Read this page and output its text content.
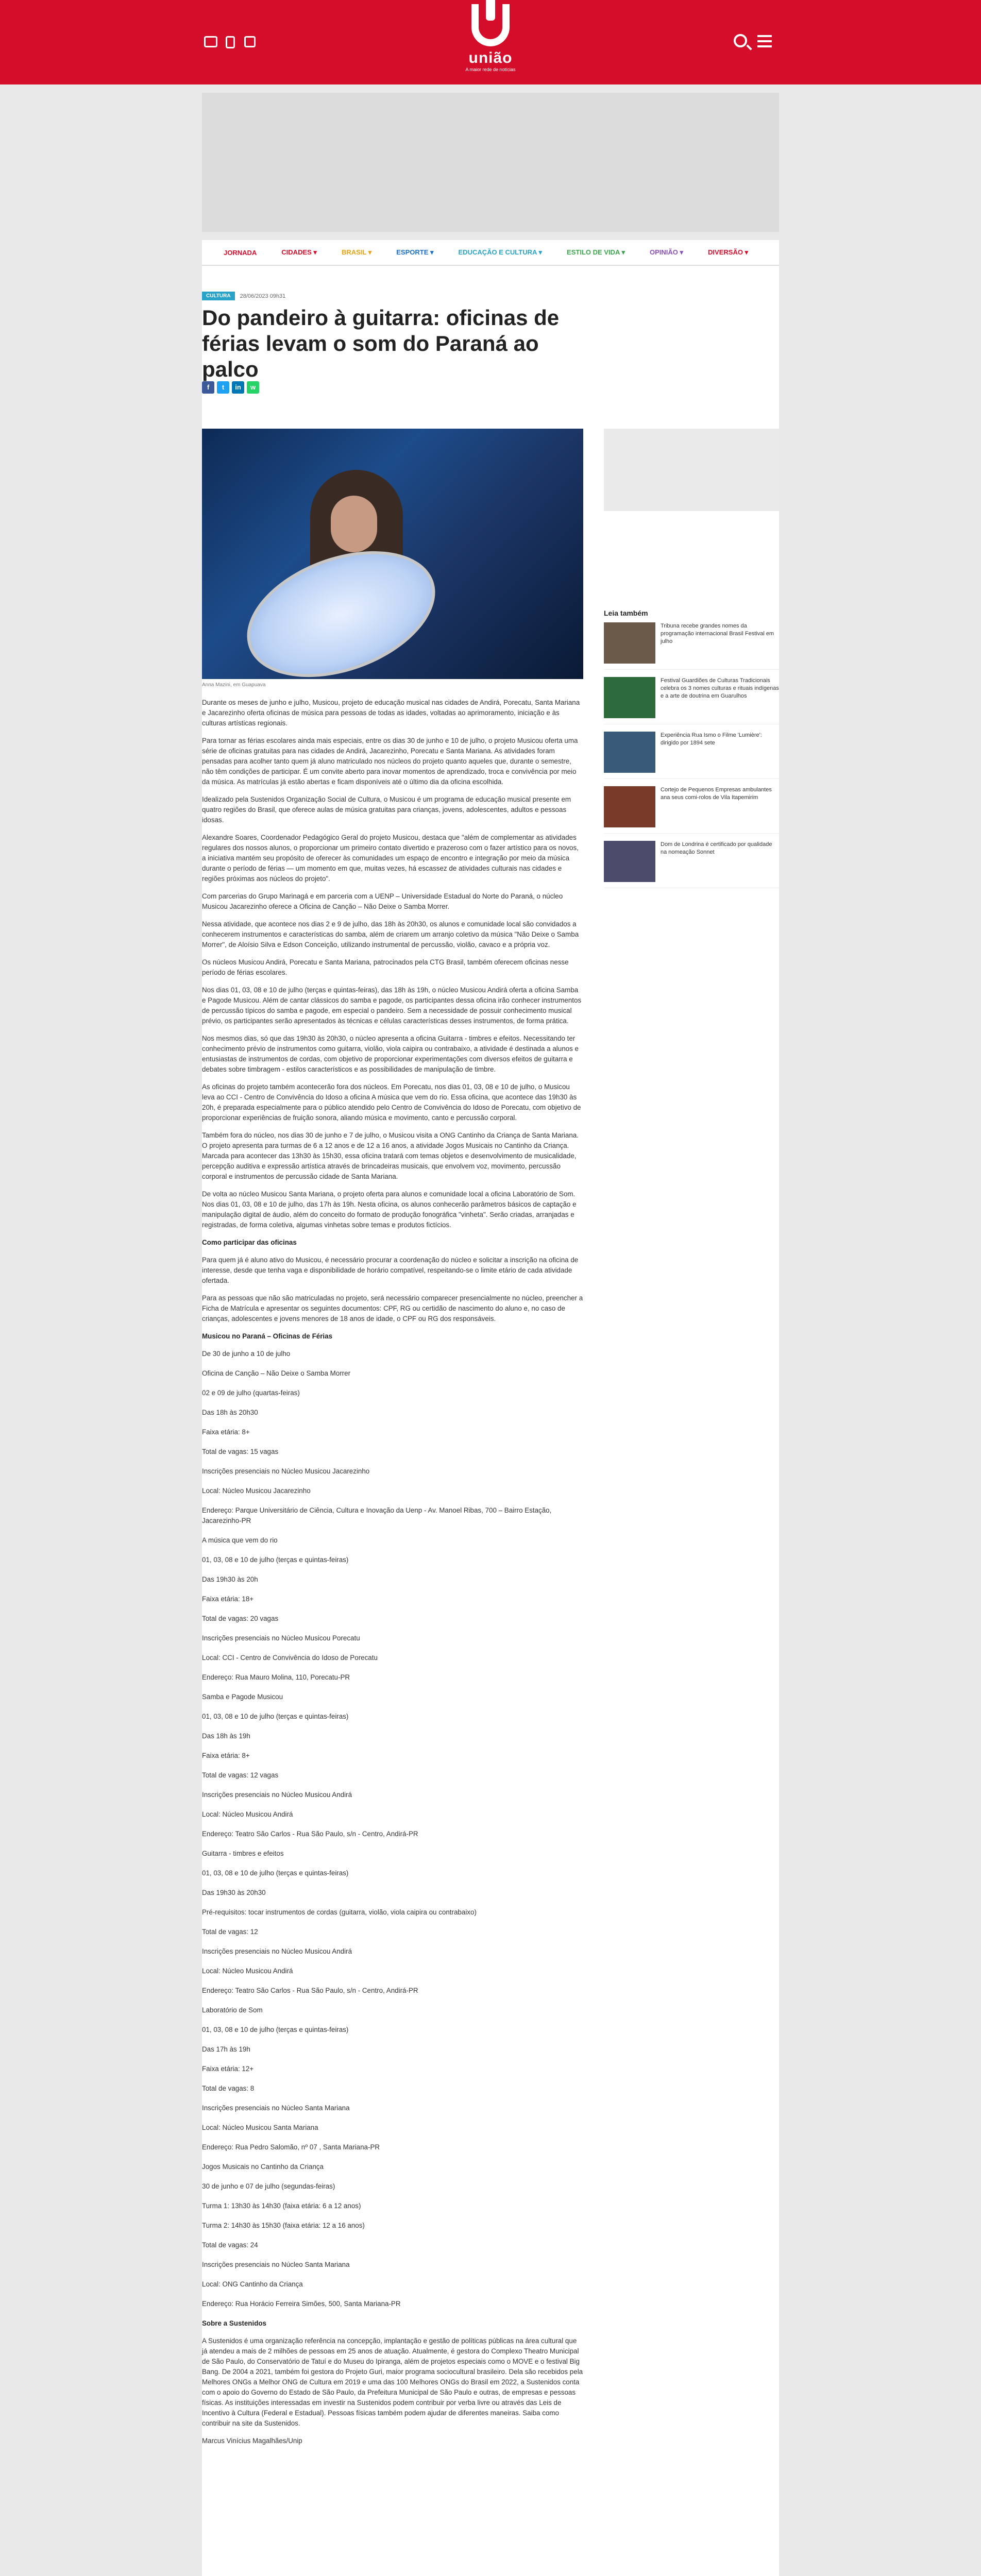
união
A maior rede de notícias
JORNADA	CIDADES ▾	BRASIL ▾	ESPORTE ▾	EDUCAÇÃO E CULTURA ▾	ESTILO DE VIDA ▾	OPINIÃO ▾	DIVERSÃO ▾
CULTURA	28/06/2023 09h31
Do pandeiro à guitarra: oficinas de férias levam o som do Paraná ao palco
f	t	in	w
Anna Mazini, em Guapuava

Durante os meses de junho e julho, Musicou, projeto de educação musical nas cidades de Andirá, Porecatu, Santa Mariana e Jacarezinho oferta oficinas de música para pessoas de todas as idades, voltadas ao aprimoramento, iniciação e às culturas artísticas regionais.

Para tornar as férias escolares ainda mais especiais, entre os dias 30 de junho e 10 de julho, o projeto Musicou oferta uma série de oficinas gratuitas para nas cidades de Andirá, Jacarezinho, Porecatu e Santa Mariana. As atividades foram pensadas para acolher tanto quem já aluno matriculado nos núcleos do projeto quanto aqueles que, durante o semestre, não têm condições de participar. É um convite aberto para inovar momentos de aprendizado, troca e convivência por meio da música. As matrículas já estão abertas e ficam disponíveis até o último dia da oficina escolhida.

Idealizado pela Sustenidos Organização Social de Cultura, o Musicou é um programa de educação musical presente em quatro regiões do Brasil, que oferece aulas de música gratuitas para crianças, jovens, adolescentes, adultos e pessoas idosas.

Alexandre Soares, Coordenador Pedagógico Geral do projeto Musicou, destaca que "além de complementar as atividades regulares dos nossos alunos, o proporcionar um primeiro contato divertido e prazeroso com o fazer artístico para os novos, a iniciativa mantém seu propósito de oferecer às comunidades um espaço de encontro e integração por meio da música durante o período de férias — um momento em que, muitas vezes, há escassez de atividades culturais nas cidades e regiões próximas aos núcleos do projeto".

Com parcerias do Grupo Marinagá e em parceria com a UENP – Universidade Estadual do Norte do Paraná, o núcleo Musicou Jacarezinho oferece a Oficina de Canção – Não Deixe o Samba Morrer.

Nessa atividade, que acontece nos dias 2 e 9 de julho, das 18h às 20h30, os alunos e comunidade local são convidados a conhecerem instrumentos e características do samba, além de criarem um arranjo coletivo da música "Não Deixe o Samba Morrer", de Aloísio Silva e Edson Conceição, utilizando instrumental de percussão, violão, cavaco e a própria voz.

Os núcleos Musicou Andirá, Porecatu e Santa Mariana, patrocinados pela CTG Brasil, também oferecem oficinas nesse período de férias escolares.

Nos dias 01, 03, 08 e 10 de julho (terças e quintas-feiras), das 18h às 19h, o núcleo Musicou Andirá oferta a oficina Samba e Pagode Musicou. Além de cantar clássicos do samba e pagode, os participantes dessa oficina irão conhecer instrumentos de percussão típicos do samba e pagode, em especial o pandeiro. Sem a necessidade de possuir conhecimento musical prévio, os participantes serão apresentados às técnicas e células características desses instrumentos, de forma prática.

Nos mesmos dias, só que das 19h30 às 20h30, o núcleo apresenta a oficina Guitarra - timbres e efeitos. Necessitando ter conhecimento prévio de instrumentos como guitarra, violão, viola caipira ou contrabaixo, a atividade é destinada a alunos e entusiastas de instrumentos de cordas, com objetivo de proporcionar experimentações com diversos efeitos de guitarra e debates sobre timbragem - estilos característicos e as possibilidades de manipulação de timbre.

As oficinas do projeto também acontecerão fora dos núcleos. Em Porecatu, nos dias 01, 03, 08 e 10 de julho, o Musicou leva ao CCI - Centro de Convivência do Idoso a oficina A música que vem do rio. Essa oficina, que acontece das 19h30 às 20h, é preparada especialmente para o público atendido pelo Centro de Convivência do Idoso de Porecatu, com objetivo de proporcionar experiências de fruição sonora, aliando música e movimento, canto e percussão corporal.

Também fora do núcleo, nos dias 30 de junho e 7 de julho, o Musicou visita a ONG Cantinho da Criança de Santa Mariana. O projeto apresenta para turmas de 6 a 12 anos e de 12 a 16 anos, a atividade Jogos Musicais no Cantinho da Criança. Marcada para acontecer das 13h30 às 15h30, essa oficina tratará com temas objetos e desenvolvimento de musicalidade, percepção auditiva e expressão artística através de brincadeiras musicais, que envolvem voz, movimento, percussão corporal e instrumentos de percussão cidade de Santa Mariana.

De volta ao núcleo Musicou Santa Mariana, o projeto oferta para alunos e comunidade local a oficina Laboratório de Som. Nos dias 01, 03, 08 e 10 de julho, das 17h às 19h. Nesta oficina, os alunos conhecerão parâmetros básicos de captação e manipulação digital de áudio, além do conceito do formato de produção fonográfica "vinheta". Serão criadas, arranjadas e registradas, de forma coletiva, algumas vinhetas sobre temas e produtos fictícios.

Como participar das oficinas

Para quem já é aluno ativo do Musicou, é necessário procurar a coordenação do núcleo e solicitar a inscrição na oficina de interesse, desde que tenha vaga e disponibilidade de horário compatível, respeitando-se o limite etário de cada atividade ofertada.

Para as pessoas que não são matriculadas no projeto, será necessário comparecer presencialmente no núcleo, preencher a Ficha de Matrícula e apresentar os seguintes documentos: CPF, RG ou certidão de nascimento do aluno e, no caso de crianças, adolescentes e jovens menores de 18 anos de idade, o CPF ou RG dos responsáveis.

Musicou no Paraná – Oficinas de Férias

De 30 de junho a 10 de julho

Oficina de Canção – Não Deixe o Samba Morrer

02 e 09 de julho (quartas-feiras)

Das 18h às 20h30

Faixa etária: 8+

Total de vagas: 15 vagas

Inscrições presenciais no Núcleo Musicou Jacarezinho

Local: Núcleo Musicou Jacarezinho

Endereço: Parque Universitário de Ciência, Cultura e Inovação da Uenp - Av. Manoel Ribas, 700 – Bairro Estação, Jacarezinho-PR

A música que vem do rio

01, 03, 08 e 10 de julho (terças e quintas-feiras)

Das 19h30 às 20h

Faixa etária: 18+

Total de vagas: 20 vagas

Inscrições presenciais no Núcleo Musicou Porecatu

Local: CCI - Centro de Convivência do Idoso de Porecatu

Endereço: Rua Mauro Molina, 110, Porecatu-PR

Samba e Pagode Musicou

01, 03, 08 e 10 de julho (terças e quintas-feiras)

Das 18h às 19h

Faixa etária: 8+

Total de vagas: 12 vagas

Inscrições presenciais no Núcleo Musicou Andirá

Local: Núcleo Musicou Andirá

Endereço: Teatro São Carlos - Rua São Paulo, s/n - Centro, Andirá-PR

Guitarra - timbres e efeitos

01, 03, 08 e 10 de julho (terças e quintas-feiras)

Das 19h30 às 20h30

Pré-requisitos: tocar instrumentos de cordas (guitarra, violão, viola caipira ou contrabaixo)

Total de vagas: 12

Inscrições presenciais no Núcleo Musicou Andirá

Local: Núcleo Musicou Andirá

Endereço: Teatro São Carlos - Rua São Paulo, s/n - Centro, Andirá-PR

Laboratório de Som

01, 03, 08 e 10 de julho (terças e quintas-feiras)

Das 17h às 19h

Faixa etária: 12+

Total de vagas: 8

Inscrições presenciais no Núcleo Santa Mariana

Local: Núcleo Musicou Santa Mariana

Endereço: Rua Pedro Salomão, nº 07 , Santa Mariana-PR

Jogos Musicais no Cantinho da Criança

30 de junho e 07 de julho (segundas-feiras)

Turma 1: 13h30 às 14h30 (faixa etária: 6 a 12 anos)

Turma 2: 14h30 às 15h30 (faixa etária: 12 a 16 anos)

Total de vagas: 24

Inscrições presenciais no Núcleo Santa Mariana

Local: ONG Cantinho da Criança

Endereço: Rua Horácio Ferreira Simões, 500, Santa Mariana-PR

Sobre a Sustenidos

A Sustenidos é uma organização referência na concepção, implantação e gestão de políticas públicas na área cultural que já atendeu a mais de 2 milhões de pessoas em 25 anos de atuação. Atualmente, é gestora do Complexo Theatro Municipal de São Paulo, do Conservatório de Tatuí e do Museu do Ipiranga, além de projetos especiais como o MOVE e o festival Big Bang. De 2004 a 2021, também foi gestora do Projeto Guri, maior programa sociocultural brasileiro. Dela são recebidos pela Melhores ONGs a Melhor ONG de Cultura em 2019 e uma das 100 Melhores ONGs do Brasil em 2022, a Sustenidos conta com o apoio do Governo do Estado de São Paulo, da Prefeitura Municipal de São Paulo e outras, de empresas e pessoas físicas. As instituições interessadas em investir na Sustenidos podem contribuir por verba livre ou através das Leis de Incentivo à Cultura (Federal e Estadual). Pessoas físicas também podem ajudar de diferentes maneiras. Saiba como contribuir na site da Sustenidos.

Marcus Vinícius Magalhães/Unip

Leia também
Tribuna recebe grandes nomes da programação internacional Brasil Festival em julho
Festival Guardiões de Culturas Tradicionais celebra os 3 nomes culturas e rituais indígenas e a arte de doutrina em Guarulhos
Experiência Rua Ismo o Filme 'Lumière': dirigido por 1894 sete
Cortejo de Pequenos Empresas ambulantes ana seus comi-rolos de Vila Itapemirim
Dom de Londrina é certificado por qualidade na nomeação Sonnet
